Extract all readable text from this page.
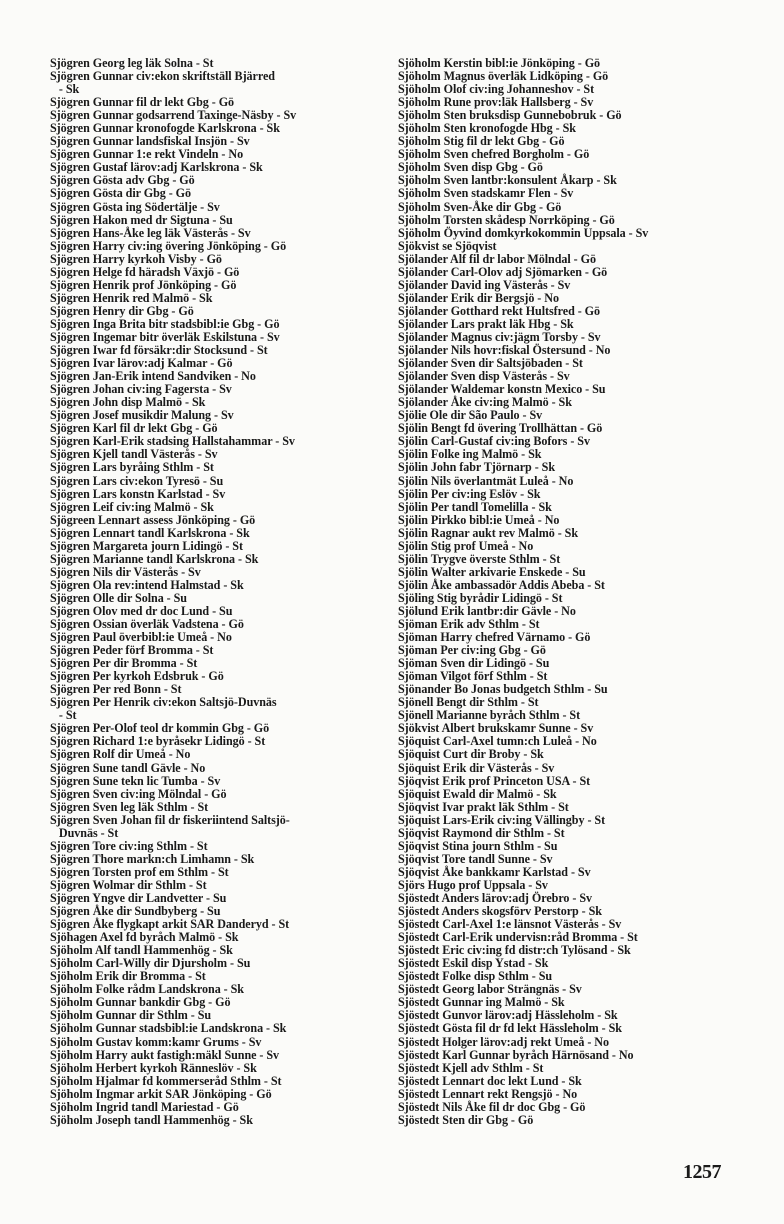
Sjögren Georg leg läk Solna - St
Sjögren Gunnar civ:ekon skriftställ Bjärred
- Sk
Sjögren Gunnar fil dr lekt Gbg - Gö
Sjögren Gunnar godsarrend Taxinge-Näsby - Sv
Sjögren Gunnar kronofogde Karlskrona - Sk
Sjögren Gunnar landsfiskal Insjön - Sv
Sjögren Gunnar 1:e rekt Vindeln - No
Sjögren Gustaf lärov:adj Karlskrona - Sk
Sjögren Gösta adv Gbg - Gö
Sjögren Gösta dir Gbg - Gö
Sjögren Gösta ing Södertälje - Sv
Sjögren Hakon med dr Sigtuna - Su
Sjögren Hans-Åke leg läk Västerås - Sv
Sjögren Harry civ:ing övering Jönköping - Gö
Sjögren Harry kyrkoh Visby - Gö
Sjögren Helge fd häradsh Växjö - Gö
Sjögren Henrik prof Jönköping - Gö
Sjögren Henrik red Malmö - Sk
Sjögren Henry dir Gbg - Gö
Sjögren Inga Brita bitr stadsbibl:ie Gbg - Gö
Sjögren Ingemar bitr överläk Eskilstuna - Sv
Sjögren Iwar fd försäkr:dir Stocksund - St
Sjögren Ivar lärov:adj Kalmar - Gö
Sjögren Jan-Erik intend Sandviken - No
Sjögren Johan civ:ing Fagersta - Sv
Sjögren John disp Malmö - Sk
Sjögren Josef musikdir Malung - Sv
Sjögren Karl fil dr lekt Gbg - Gö
Sjögren Karl-Erik stadsing Hallstahammar - Sv
Sjögren Kjell tandl Västerås - Sv
Sjögren Lars byråing Sthlm - St
Sjögren Lars civ:ekon Tyresö - Su
Sjögren Lars konstn Karlstad - Sv
Sjögren Leif civ:ing Malmö - Sk
Sjögreen Lennart assess Jönköping - Gö
Sjögren Lennart tandl Karlskrona - Sk
Sjögren Margareta journ Lidingö - St
Sjögren Marianne tandl Karlskrona - Sk
Sjögren Nils dir Västerås - Sv
Sjögren Ola rev:intend Halmstad - Sk
Sjögren Olle dir Solna - Su
Sjögren Olov med dr doc Lund - Su
Sjögren Ossian överläk Vadstena - Gö
Sjögren Paul överbibl:ie Umeå - No
Sjögren Peder förf Bromma - St
Sjögren Per dir Bromma - St
Sjögren Per kyrkoh Edsbruk - Gö
Sjögren Per red Bonn - St
Sjögren Per Henrik civ:ekon Saltsjö-Duvnäs
- St
Sjögren Per-Olof teol dr kommin Gbg - Gö
Sjögren Richard 1:e byråsekr Lidingö - St
Sjögren Rolf dir Umeå - No
Sjögren Sune tandl Gävle - No
Sjögren Sune tekn lic Tumba - Sv
Sjögren Sven civ:ing Mölndal - Gö
Sjögren Sven leg läk Sthlm - St
Sjögren Sven Johan fil dr fiskeriintend Saltsjö-
Duvnäs - St
Sjögren Tore civ:ing Sthlm - St
Sjögren Thore markn:ch Limhamn - Sk
Sjögren Torsten prof em Sthlm - St
Sjögren Wolmar dir Sthlm - St
Sjögren Yngve dir Landvetter - Su
Sjögren Åke dir Sundbyberg - Su
Sjögren Åke flygkapt arkit SAR Danderyd - St
Sjöhagen Axel fd byråch Malmö - Sk
Sjöholm Alf tandl Hammenhög - Sk
Sjöholm Carl-Willy dir Djursholm - Su
Sjöholm Erik dir Bromma - St
Sjöholm Folke rådm Landskrona - Sk
Sjöholm Gunnar bankdir Gbg - Gö
Sjöholm Gunnar dir Sthlm - Su
Sjöholm Gunnar stadsbibl:ie Landskrona - Sk
Sjöholm Gustav komm:kamr Grums - Sv
Sjöholm Harry aukt fastigh:mäkl Sunne - Sv
Sjöholm Herbert kyrkoh Ränneslöv - Sk
Sjöholm Hjalmar fd kommerseråd Sthlm - St
Sjöholm Ingmar arkit SAR Jönköping - Gö
Sjöholm Ingrid tandl Mariestad - Gö
Sjöholm Joseph tandl Hammenhög - Sk
Sjöholm Kerstin bibl:ie Jönköping - Gö
Sjöholm Magnus överläk Lidköping - Gö
Sjöholm Olof civ:ing Johanneshov - St
Sjöholm Rune prov:läk Hallsberg - Sv
Sjöholm Sten bruksdisp Gunnebobruk - Gö
Sjöholm Sten kronofogde Hbg - Sk
Sjöholm Stig fil dr lekt Gbg - Gö
Sjöholm Sven chefred Borgholm - Gö
Sjöholm Sven disp Gbg - Gö
Sjöholm Sven lantbr:konsulent Åkarp - Sk
Sjöholm Sven stadskamr Flen - Sv
Sjöholm Sven-Åke dir Gbg - Gö
Sjöholm Torsten skådesp Norrköping - Gö
Sjöholm Öyvind domkyrkokommin Uppsala - Sv
Sjökvist se Sjöqvist
Sjölander Alf fil dr labor Mölndal - Gö
Sjölander Carl-Olov adj Sjömarken - Gö
Sjölander David ing Västerås - Sv
Sjölander Erik dir Bergsjö - No
Sjölander Gotthard rekt Hultsfred - Gö
Sjölander Lars prakt läk Hbg - Sk
Sjölander Magnus civ:jägm Torsby - Sv
Sjölander Nils hovr:fiskal Östersund - No
Sjölander Sven dir Saltsjöbaden - St
Sjölander Sven disp Västerås - Sv
Sjölander Waldemar konstn Mexico - Su
Sjölander Åke civ:ing Malmö - Sk
Sjölie Ole dir São Paulo - Sv
Sjölin Bengt fd övering Trollhättan - Gö
Sjölin Carl-Gustaf civ:ing Bofors - Sv
Sjölin Folke ing Malmö - Sk
Sjölin John fabr Tjörnarp - Sk
Sjölin Nils överlantmät Luleå - No
Sjölin Per civ:ing Eslöv - Sk
Sjölin Per tandl Tomelilla - Sk
Sjölin Pirkko bibl:ie Umeå - No
Sjölin Ragnar aukt rev Malmö - Sk
Sjölin Stig prof Umeå - No
Sjölin Trygve överste Sthlm - St
Sjölin Walter arkivarie Enskede - Su
Sjölin Åke ambassadör Addis Abeba - St
Sjöling Stig byrådir Lidingö - St
Sjölund Erik lantbr:dir Gävle - No
Sjöman Erik adv Sthlm - St
Sjöman Harry chefred Värnamo - Gö
Sjöman Per civ:ing Gbg - Gö
Sjöman Sven dir Lidingö - Su
Sjöman Vilgot förf Sthlm - St
Sjönander Bo Jonas budgetch Sthlm - Su
Sjönell Bengt dir Sthlm - St
Sjönell Marianne byråch Sthlm - St
Sjökvist Albert brukskamr Sunne - Sv
Sjöquist Carl-Axel tumn:ch Luleå - No
Sjöquist Curt dir Broby - Sk
Sjöquist Erik dir Västerås - Sv
Sjöqvist Erik prof Princeton USA - St
Sjöquist Ewald dir Malmö - Sk
Sjöqvist Ivar prakt läk Sthlm - St
Sjöquist Lars-Erik civ:ing Vällingby - St
Sjöqvist Raymond dir Sthlm - St
Sjöqvist Stina journ Sthlm - Su
Sjöqvist Tore tandl Sunne - Sv
Sjöqvist Åke bankkamr Karlstad - Sv
Sjörs Hugo prof Uppsala - Sv
Sjöstedt Anders lärov:adj Örebro - Sv
Sjöstedt Anders skogsförv Perstorp - Sk
Sjöstedt Carl-Axel 1:e länsnot Västerås - Sv
Sjöstedt Carl-Erik undervisn:råd Bromma - St
Sjöstedt Eric civ:ing fd distr:ch Tylösand - Sk
Sjöstedt Eskil disp Ystad - Sk
Sjöstedt Folke disp Sthlm - Su
Sjöstedt Georg labor Strängnäs - Sv
Sjöstedt Gunnar ing Malmö - Sk
Sjöstedt Gunvor lärov:adj Hässleholm - Sk
Sjöstedt Gösta fil dr fd lekt Hässleholm - Sk
Sjöstedt Holger lärov:adj rekt Umeå - No
Sjöstedt Karl Gunnar byråch Härnösand - No
Sjöstedt Kjell adv Sthlm - St
Sjöstedt Lennart doc lekt Lund - Sk
Sjöstedt Lennart rekt Rengsjö - No
Sjöstedt Nils Åke fil dr doc Gbg - Gö
Sjöstedt Sten dir Gbg - Gö
1257
